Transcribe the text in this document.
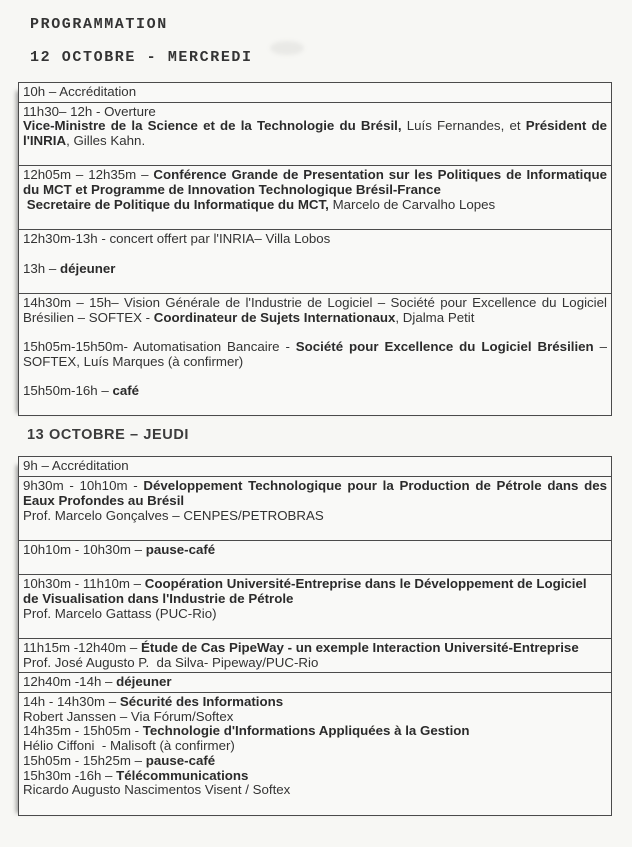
PROGRAMMATION
12 OCTOBRE - MERCREDI
10h – Accréditation
11h30– 12h - Overture
Vice-Ministre de la Science et de la Technologie du Brésil, Luís Fernandes, et Président de
l'INRIA, Gilles Kahn.
12h05m – 12h35m – Conférence Grande de Presentation sur les Politiques de Informatique
du MCT et Programme de Innovation Technologique Brésil-France
Secretaire de Politique du Informatique du MCT, Marcelo de Carvalho Lopes
12h30m-13h - concert offert par l'INRIA– Villa Lobos
13h – déjeuner
14h30m – 15h– Vision Générale de l'Industrie de Logiciel – Société pour Excellence du Logiciel
Brésilien – SOFTEX - Coordinateur de Sujets Internationaux, Djalma Petit
15h05m-15h50m- Automatisation Bancaire - Société pour Excellence du Logiciel Brésilien –
SOFTEX, Luís Marques (à confirmer)
15h50m-16h – café
13 OCTOBRE – JEUDI
9h – Accréditation
9h30m - 10h10m - Développement Technologique pour la Production de Pétrole dans des
Eaux Profondes au Brésil
Prof. Marcelo Gonçalves – CENPES/PETROBRAS
10h10m - 10h30m – pause-café
10h30m - 11h10m – Coopération Université-Entreprise dans le Développement de Logiciel
de Visualisation dans l'Industrie de Pétrole
Prof. Marcelo Gattass (PUC-Rio)
11h15m -12h40m – Étude de Cas PipeWay - un exemple Interaction Université-Entreprise
Prof. José Augusto P.  da Silva- Pipeway/PUC-Rio
12h40m -14h – déjeuner
14h - 14h30m – Sécurité des Informations
Robert Janssen – Via Fórum/Softex
14h35m - 15h05m - Technologie d'Informations Appliquées à la Gestion
Hélio Ciffoni  - Malisoft (à confirmer)
15h05m - 15h25m – pause-café
15h30m -16h – Télécommunications
Ricardo Augusto Nascimentos Visent / Softex
